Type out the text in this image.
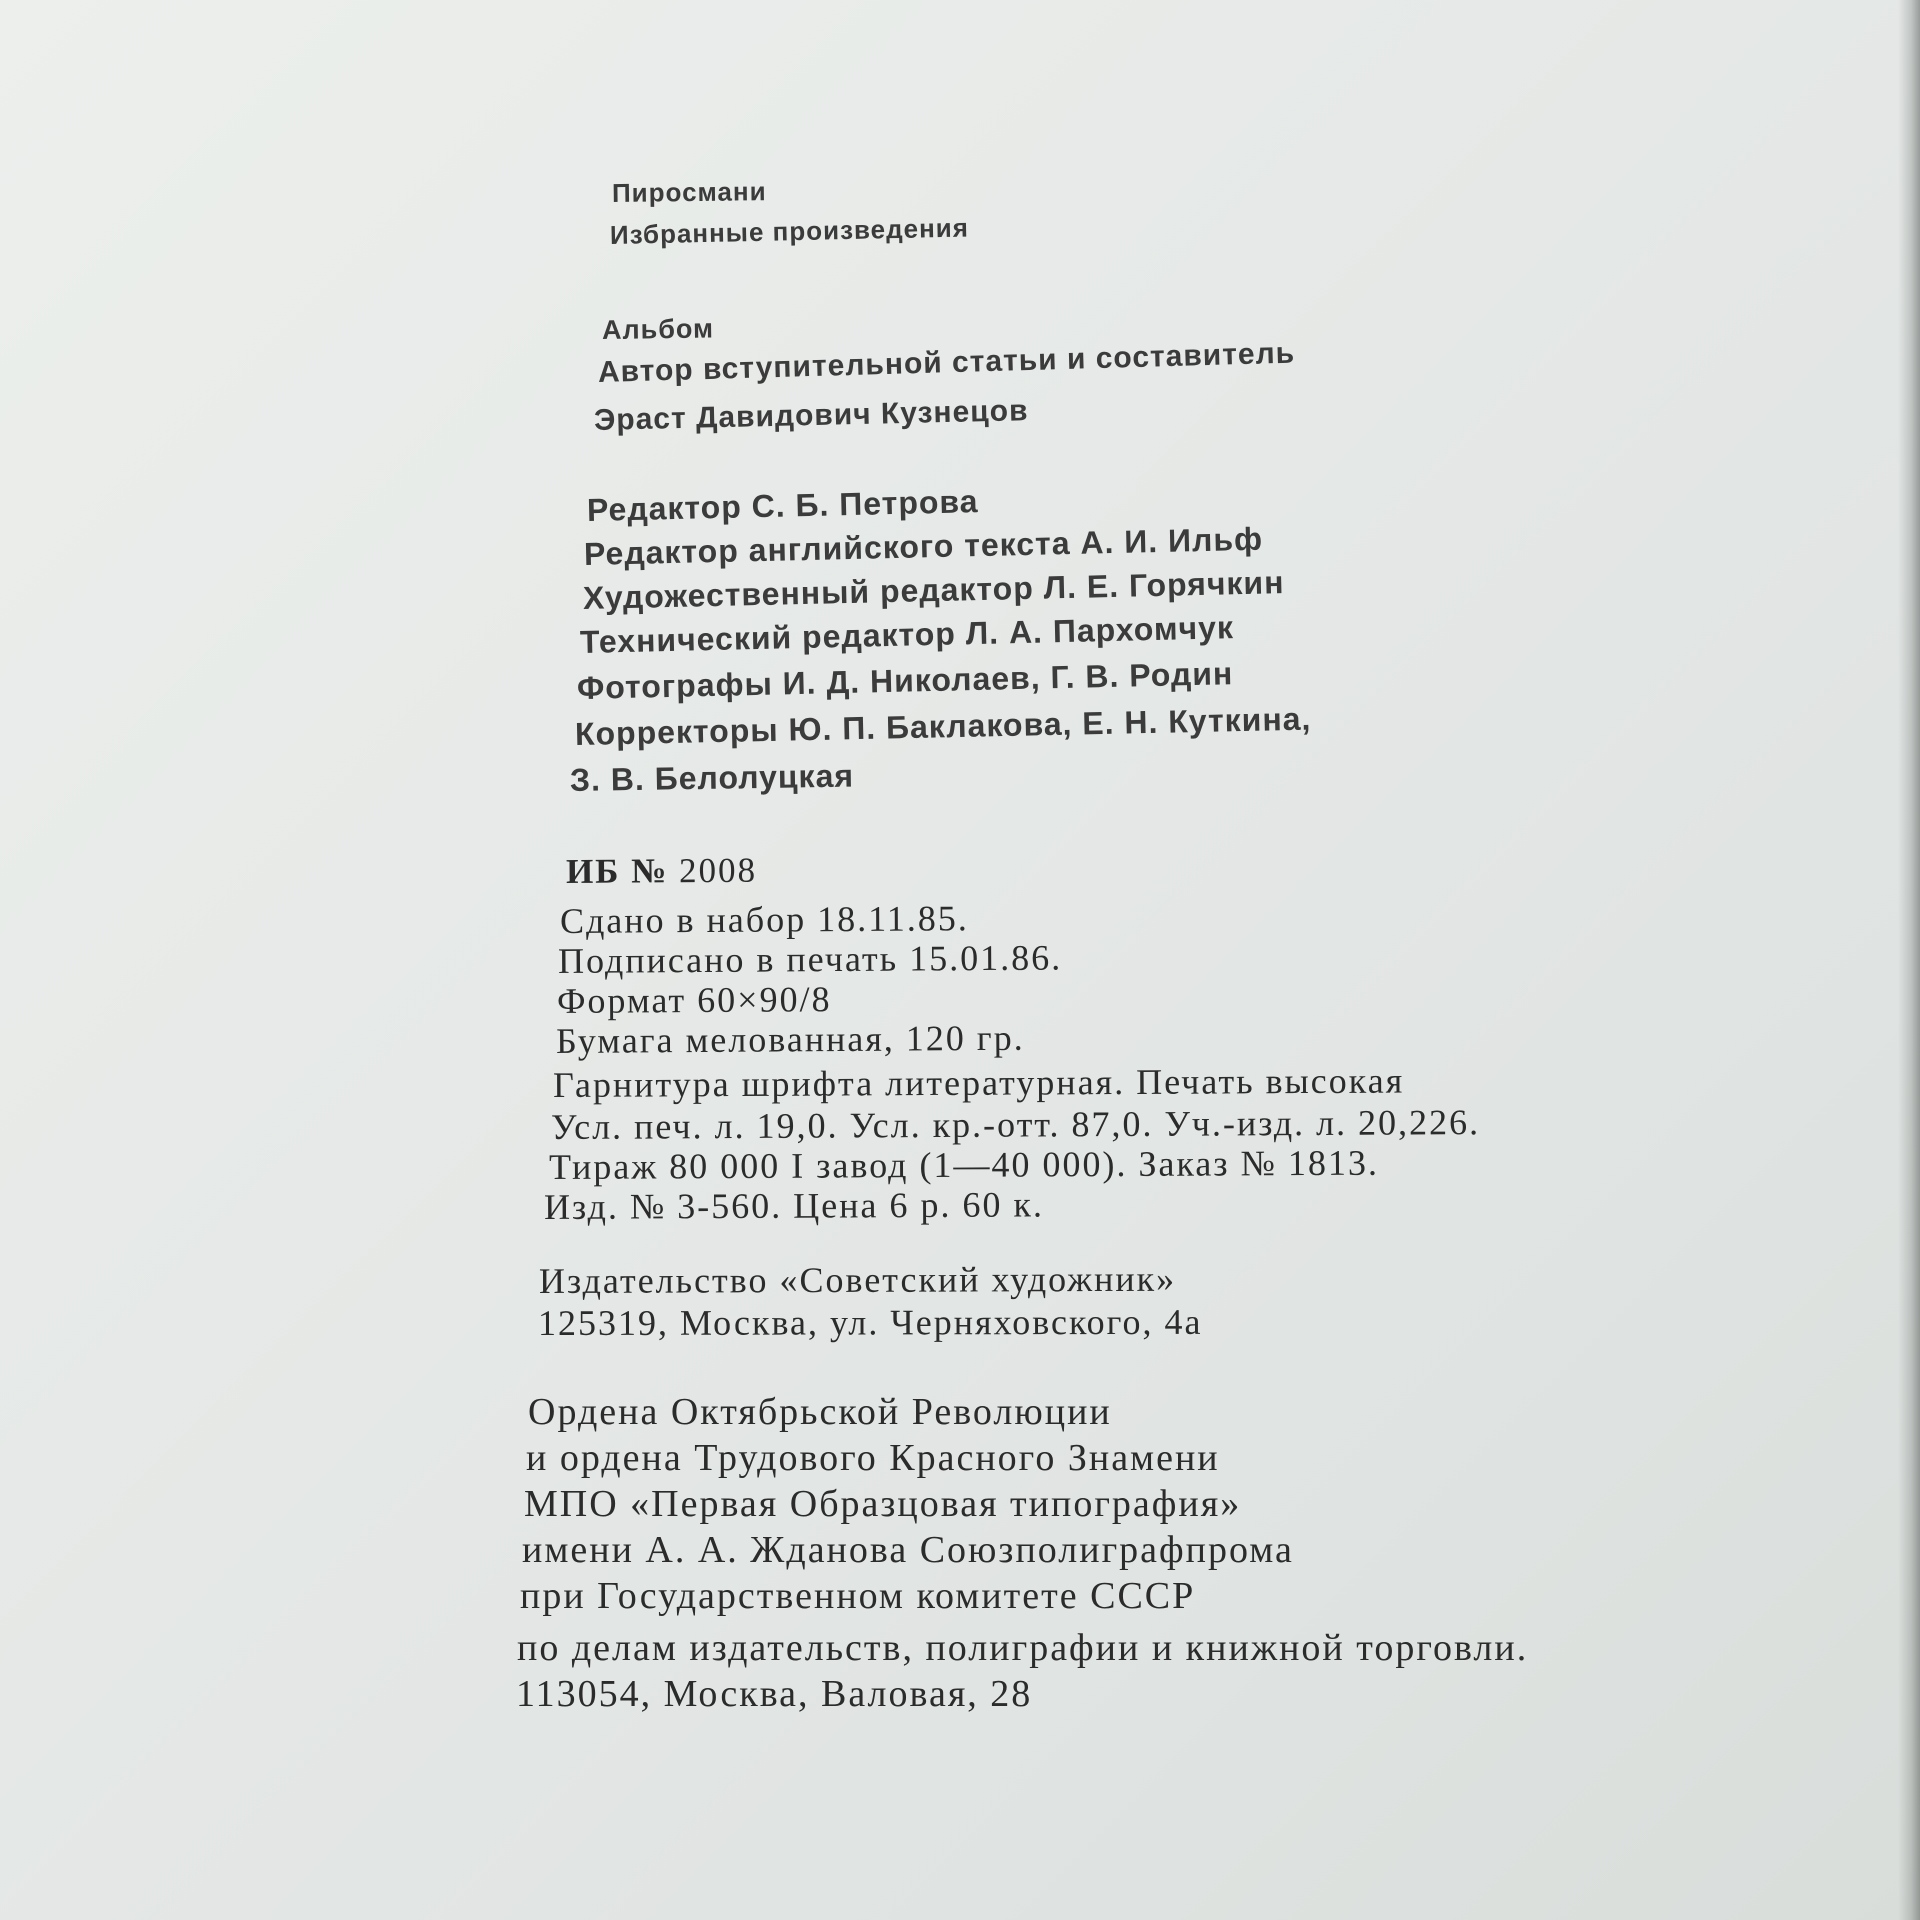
Пиросмани
Избранные произведения
Альбом
Автор вступительной статьи и составитель
Эраст Давидович Кузнецов
Редактор С. Б. Петрова
Редактор английского текста А. И. Ильф
Художественный редактор Л. Е. Горячкин
Технический редактор Л. А. Пархомчук
Фотографы И. Д. Николаев, Г. В. Родин
Корректоры Ю. П. Баклакова, Е. Н. Куткина,
З. В. Белолуцкая
ИБ № 2008
Сдано в набор 18.11.85.
Подписано в печать 15.01.86.
Формат 60×90/8
Бумага мелованная, 120 гр.
Гарнитура шрифта литературная. Печать высокая
Усл. печ. л. 19,0. Усл. кр.-отт. 87,0. Уч.-изд. л. 20,226.
Тираж 80 000 I завод (1—40 000). Заказ № 1813.
Изд. № 3-560. Цена 6 р. 60 к.
Издательство «Советский художник»
125319, Москва, ул. Черняховского, 4а
Ордена Октябрьской Революции
и ордена Трудового Красного Знамени
МПО «Первая Образцовая типография»
имени А. А. Жданова Союзполиграфпрома
при Государственном комитете СССР
по делам издательств, полиграфии и книжной торговли.
113054, Москва, Валовая, 28
